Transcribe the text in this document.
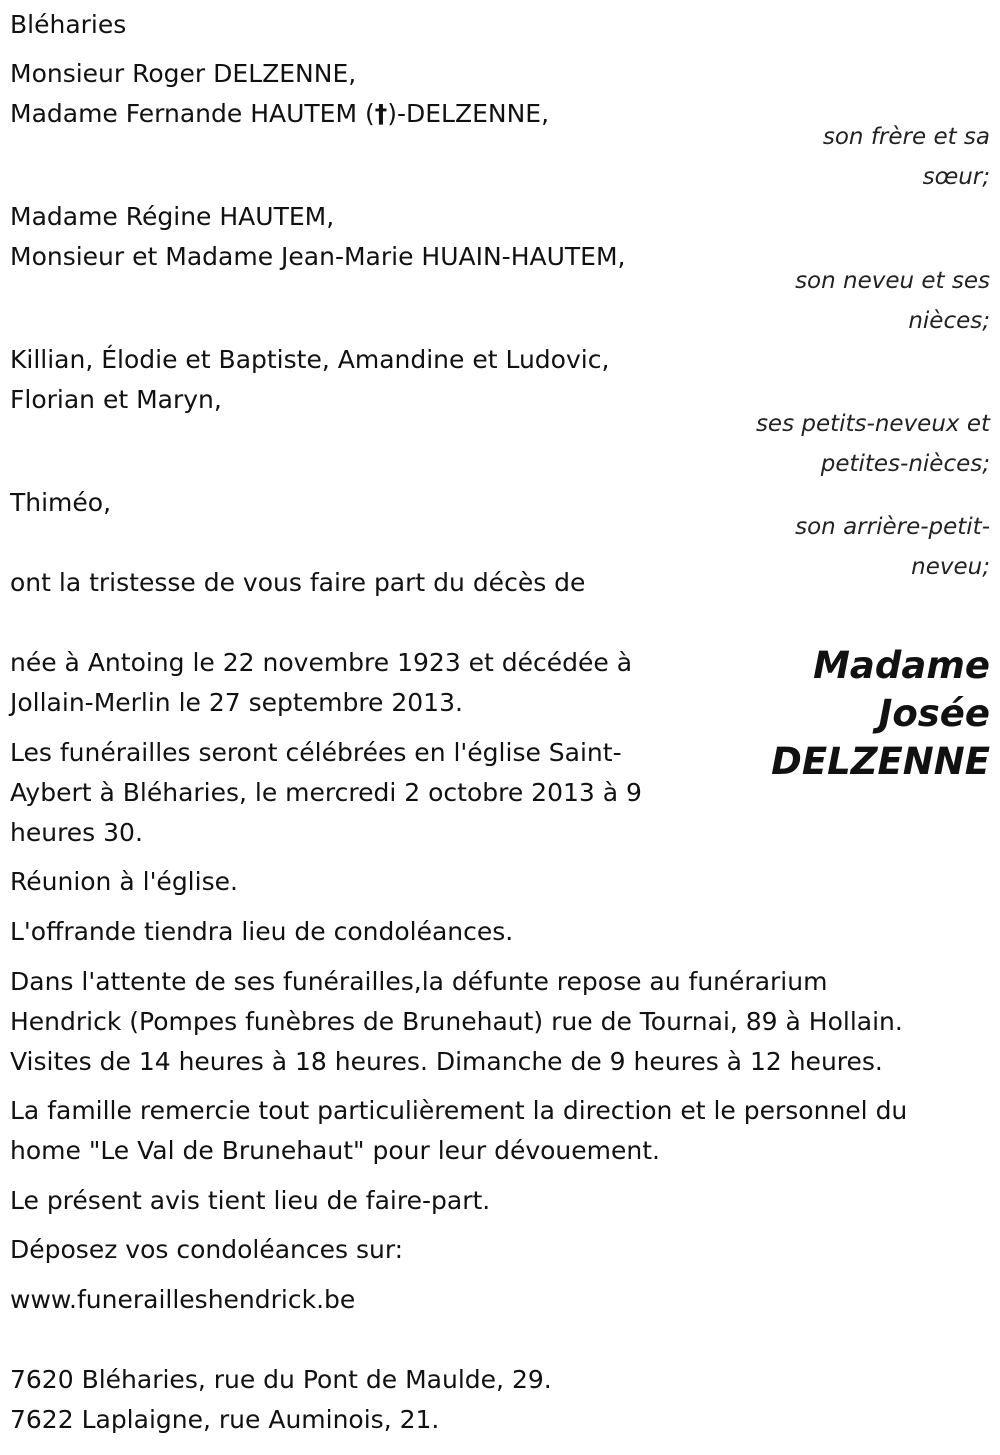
Bléharies
Monsieur Roger DELZENNE,
Madame Fernande HAUTEM (†)-DELZENNE,
son frère et sa
sœur;
Madame Régine HAUTEM,
Monsieur et Madame Jean-Marie HUAIN-HAUTEM,
son neveu et ses
nièces;
Killian, Élodie et Baptiste, Amandine et Ludovic,
Florian et Maryn,
ses petits-neveux et
petites-nièces;
Thiméo,
son arrière-petit-
neveu;
ont la tristesse de vous faire part du décès de
Madame
Josée
DELZENNE
née à Antoing le 22 novembre 1923 et décédée à
Jollain-Merlin le 27 septembre 2013.
Les funérailles seront célébrées en l'église Saint-
Aybert à Bléharies, le mercredi 2 octobre 2013 à 9
heures 30.
Réunion à l'église.
L'offrande tiendra lieu de condoléances.
Dans l'attente de ses funérailles,la défunte repose au funérarium
Hendrick (Pompes funèbres de Brunehaut) rue de Tournai, 89 à Hollain.
Visites de 14 heures à 18 heures. Dimanche de 9 heures à 12 heures.
La famille remercie tout particulièrement la direction et le personnel du
home "Le Val de Brunehaut" pour leur dévouement.
Le présent avis tient lieu de faire-part.
Déposez vos condoléances sur:
www.funerailleshendrick.be
7620 Bléharies, rue du Pont de Maulde, 29.
7622 Laplaigne, rue Auminois, 21.
